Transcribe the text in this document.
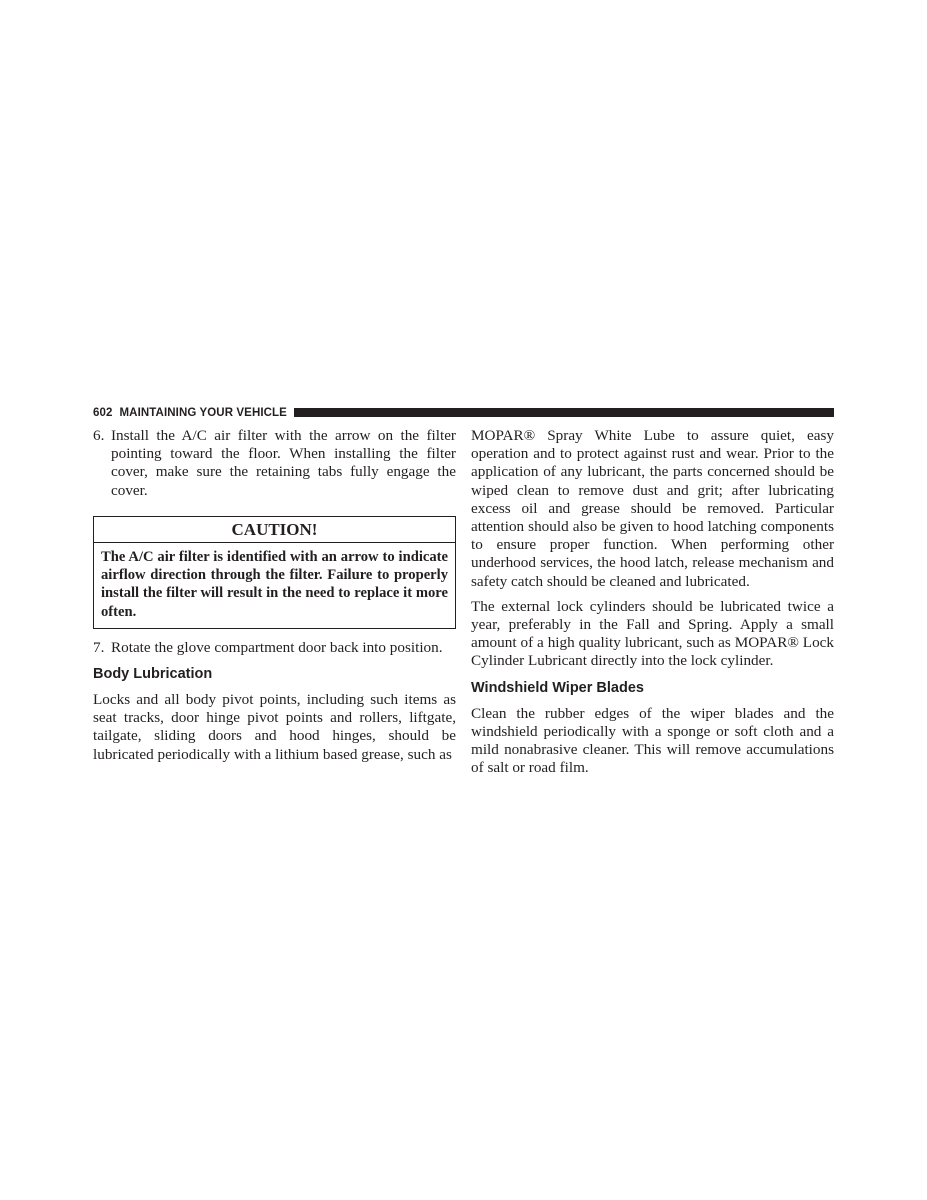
602 MAINTAINING YOUR VEHICLE
6. Install the A/C air filter with the arrow on the filter pointing toward the floor. When installing the filter cover, make sure the retaining tabs fully engage the cover.
CAUTION!
The A/C air filter is identified with an arrow to indicate airflow direction through the filter. Failure to properly install the filter will result in the need to replace it more often.
7. Rotate the glove compartment door back into position.
Body Lubrication

Locks and all body pivot points, including such items as seat tracks, door hinge pivot points and rollers, liftgate, tailgate, sliding doors and hood hinges, should be lubricated periodically with a lithium based grease, such as

MOPAR® Spray White Lube to assure quiet, easy operation and to protect against rust and wear. Prior to the application of any lubricant, the parts concerned should be wiped clean to remove dust and grit; after lubricating excess oil and grease should be removed. Particular attention should also be given to hood latching components to ensure proper function. When performing other underhood services, the hood latch, release mechanism and safety catch should be cleaned and lubricated.

The external lock cylinders should be lubricated twice a year, preferably in the Fall and Spring. Apply a small amount of a high quality lubricant, such as MOPAR® Lock Cylinder Lubricant directly into the lock cylinder.

Windshield Wiper Blades

Clean the rubber edges of the wiper blades and the windshield periodically with a sponge or soft cloth and a mild nonabrasive cleaner. This will remove accumulations of salt or road film.
